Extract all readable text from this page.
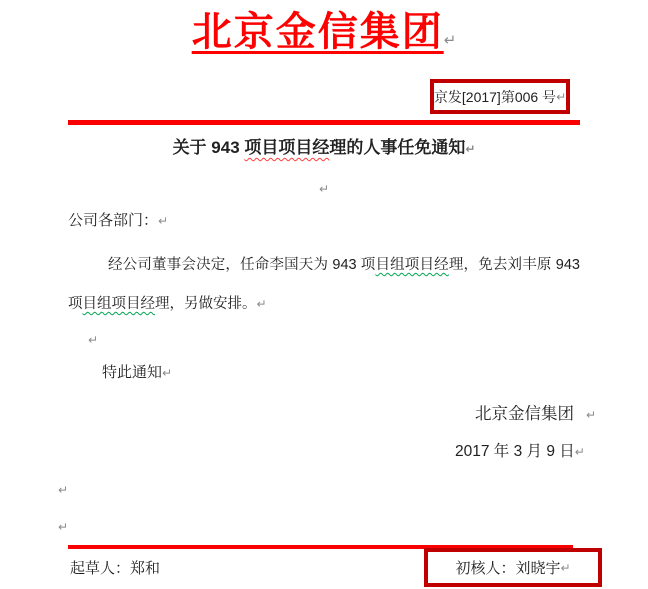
北京金信集团↵
京发[2017]第006 号 ↵
关于 943 项目项目经理的人事任免通知↵
↵
公司各部门：↵
经公司董事会决定，任命李国天为 943 项目组项目经理，免去刘丰原 943
项目组项目经理，另做安排。↵
↵
特此通知↵
北京金信集团 ↵
2017 年 3 月 9 日↵
↵
↵
起草人：郑和	初核人：刘晓宇 ↵
